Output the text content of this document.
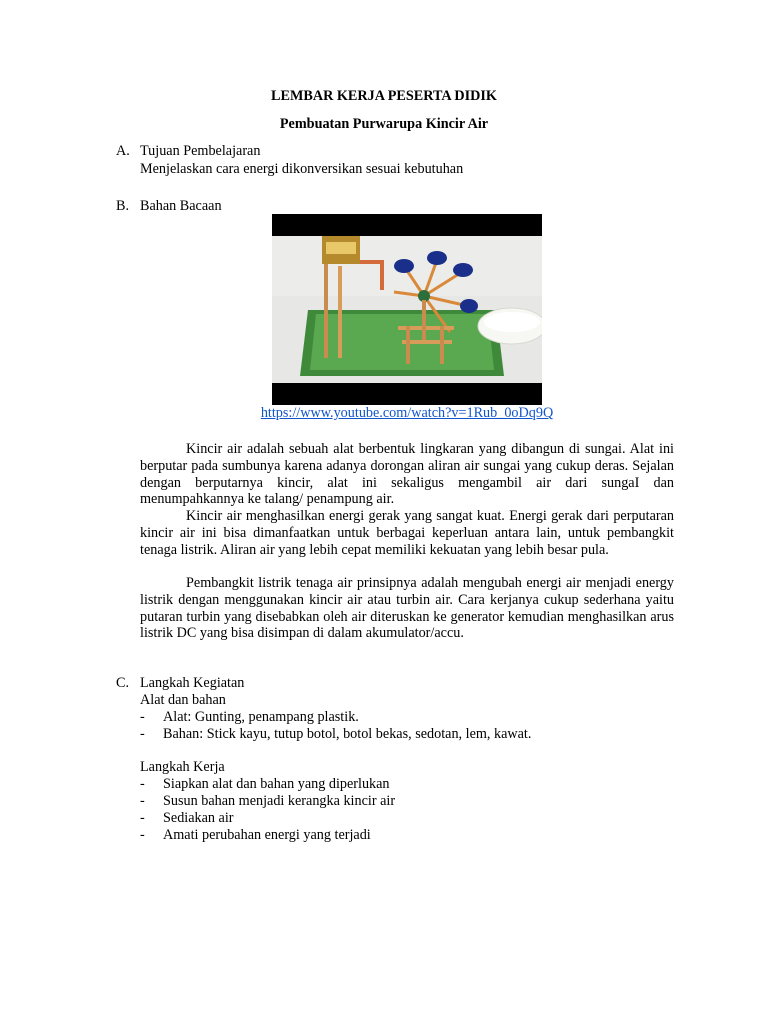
LEMBAR KERJA PESERTA DIDIK
Pembuatan Purwarupa Kincir Air
A. Tujuan Pembelajaran
Menjelaskan cara energi dikonversikan sesuai kebutuhan
B. Bahan Bacaan
https://www.youtube.com/watch?v=1Rub_0oDq9Q
Kincir air adalah sebuah alat berbentuk lingkaran yang dibangun di sungai. Alat ini berputar pada sumbunya karena adanya dorongan aliran air sungai yang cukup deras. Sejalan dengan berputarnya kincir, alat ini sekaligus mengambil air dari sungaI dan menumpahkannya ke talang/ penampung air.
Kincir air menghasilkan energi gerak yang sangat kuat. Energi gerak dari perputaran kincir air ini bisa dimanfaatkan untuk berbagai keperluan antara lain, untuk pembangkit tenaga listrik. Aliran air yang lebih cepat memiliki kekuatan yang lebih besar pula.
Pembangkit listrik tenaga air prinsipnya adalah mengubah energi air menjadi energy listrik dengan menggunakan kincir air atau turbin air. Cara kerjanya cukup sederhana yaitu putaran turbin yang disebabkan oleh air diteruskan ke generator kemudian menghasilkan arus listrik DC yang bisa disimpan di dalam akumulator/accu.
C. Langkah Kegiatan
Alat dan bahan
- Alat: Gunting, penampang plastik.
- Bahan: Stick kayu, tutup botol, botol bekas, sedotan, lem, kawat.
Langkah Kerja
- Siapkan alat dan bahan yang diperlukan
- Susun bahan menjadi kerangka kincir air
- Sediakan air
- Amati perubahan energi yang terjadi
